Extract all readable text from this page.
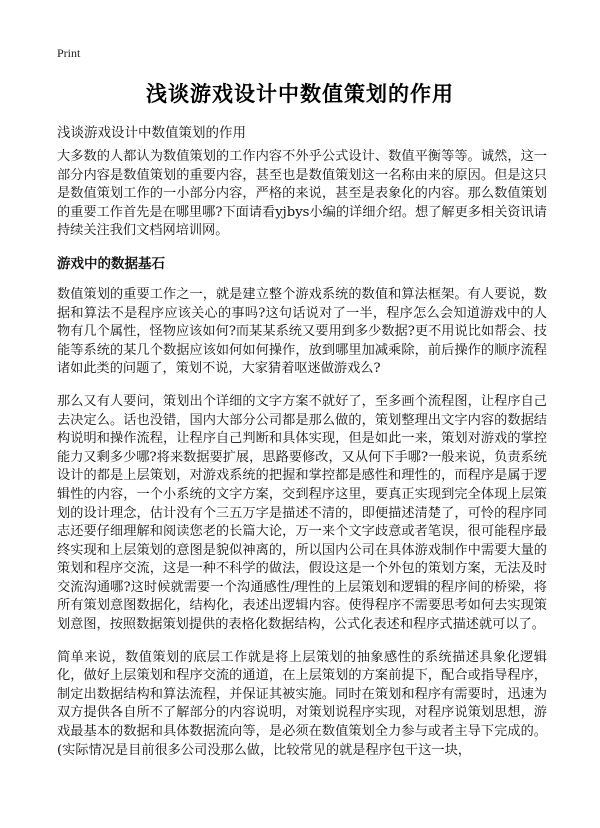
Print
浅谈游戏设计中数值策划的作用
浅谈游戏设计中数值策划的作用

大多数的人都认为数值策划的工作内容不外乎公式设计、数值平衡等等。诚然，这一部分内容是数值策划的重要内容，甚至也是数值策划这一名称由来的原因。但是这只是数值策划工作的一小部分内容，严格的来说，甚至是表象化的内容。那么数值策划的重要工作首先是在哪里哪?下面请看yjbys小编的详细介绍。想了解更多相关资讯请持续关注我们文档网培训网。

游戏中的数据基石

数值策划的重要工作之一，就是建立整个游戏系统的数值和算法框架。有人要说，数据和算法不是程序应该关心的事吗?这句话说对了一半，程序怎么会知道游戏中的人物有几个属性，怪物应该如何?而某某系统又要用到多少数据?更不用说比如帮会、技能等系统的某几个数据应该如何如何操作，放到哪里加减乘除，前后操作的顺序流程诸如此类的问题了，策划不说，大家猜着呕迷做游戏么?

那么又有人要问，策划出个详细的文字方案不就好了，至多画个流程图，让程序自己去决定么。话也没错，国内大部分公司都是那么做的，策划整理出文字内容的数据结构说明和操作流程，让程序自己判断和具体实现，但是如此一来，策划对游戏的掌控能力又剩多少哪?将来数据要扩展，思路要修改，又从何下手哪?一般来说，负责系统设计的都是上层策划，对游戏系统的把握和掌控都是感性和理性的，而程序是属于逻辑性的内容，一个小系统的文字方案，交到程序这里，要真正实现到完全体现上层策划的设计理念，估计没有个三五万字是描述不清的，即便描述清楚了，可怜的程序同志还要仔细理解和阅读您老的长篇大论，万一来个文字歧意或者笔误，很可能程序最终实现和上层策划的意图是貌似神离的，所以国内公司在具体游戏制作中需要大量的策划和程序交流，这是一种不科学的做法，假设这是一个外包的策划方案，无法及时交流沟通哪?这时候就需要一个沟通感性/理性的上层策划和逻辑的程序间的桥梁，将所有策划意图数据化，结构化，表述出逻辑内容。使得程序不需要思考如何去实现策划意图，按照数据策划提供的表格化数据结构，公式化表述和程序式描述就可以了。

简单来说，数值策划的底层工作就是将上层策划的抽象感性的系统描述具象化逻辑化，做好上层策划和程序交流的通道，在上层策划的方案前提下，配合或指导程序，制定出数据结构和算法流程，并保证其被实施。同时在策划和程序有需要时，迅速为双方提供各自所不了解部分的内容说明，对策划说程序实现，对程序说策划思想，游戏最基本的数据和具体数据流向等，是必须在数值策划全力参与或者主导下完成的。(实际情况是目前很多公司没那么做，比较常见的就是程序包干这一块，
